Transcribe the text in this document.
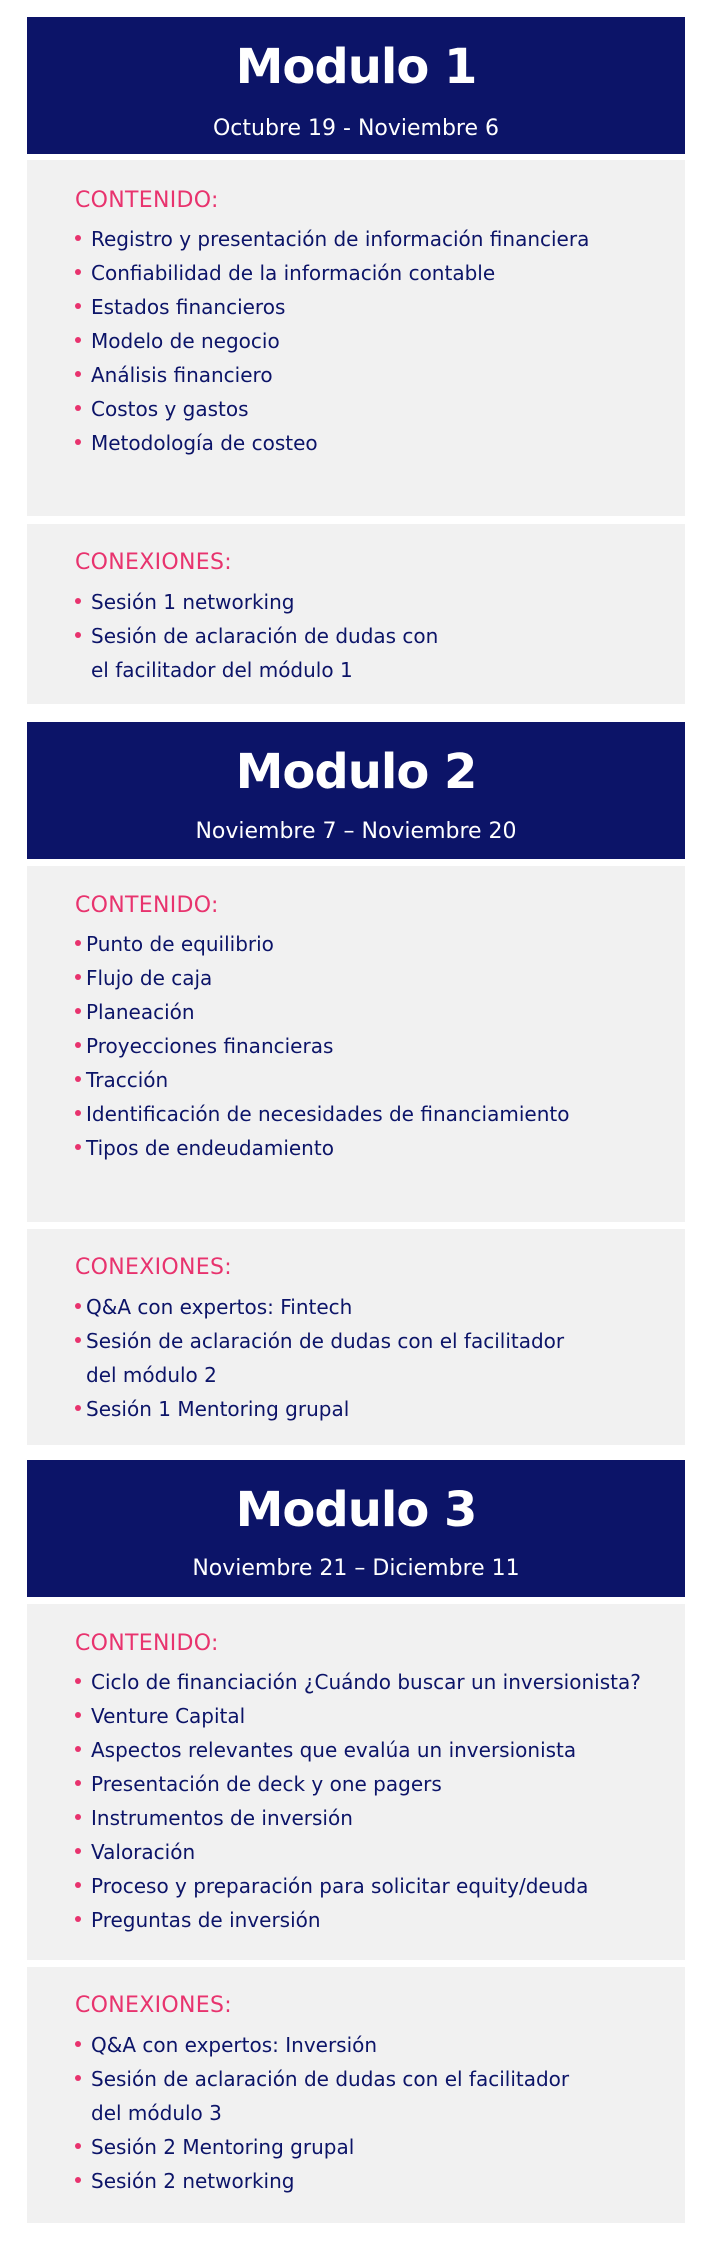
Modulo 1
Octubre 19 - Noviembre 6
CONTENIDO:
Registro y presentación de información financiera
Confiabilidad de la información contable
Estados financieros
Modelo de negocio
Análisis financiero
Costos y gastos
Metodología de costeo
CONEXIONES:
Sesión 1 networking
Sesión de aclaración de dudas con
el facilitador del módulo 1
Modulo 2
Noviembre 7 – Noviembre 20
CONTENIDO:
Punto de equilibrio
Flujo de caja
Planeación
Proyecciones financieras
Tracción
Identificación de necesidades de financiamiento
Tipos de endeudamiento
CONEXIONES:
Q&A con expertos: Fintech
Sesión de aclaración de dudas con el facilitador
del módulo 2
Sesión 1 Mentoring grupal
Modulo 3
Noviembre 21 – Diciembre 11
CONTENIDO:
Ciclo de financiación ¿Cuándo buscar un inversionista?
Venture Capital
Aspectos relevantes que evalúa un inversionista
Presentación de deck y one pagers
Instrumentos de inversión
Valoración
Proceso y preparación para solicitar equity/deuda
Preguntas de inversión
CONEXIONES:
Q&A con expertos: Inversión
Sesión de aclaración de dudas con el facilitador
del módulo 3
Sesión 2 Mentoring grupal
Sesión 2 networking
